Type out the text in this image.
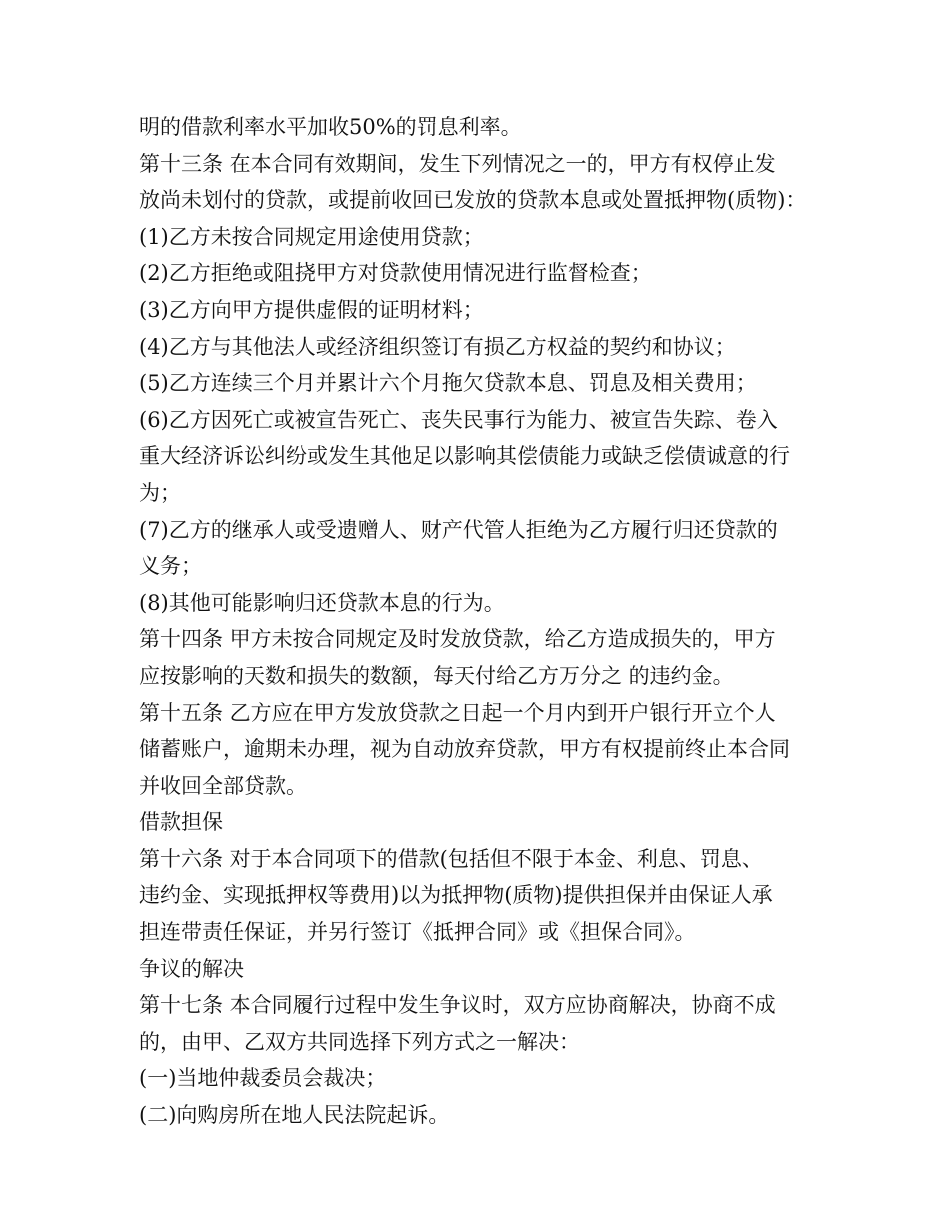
明的借款利率水平加收50%的罚息利率。
第十三条 在本合同有效期间，发生下列情况之一的，甲方有权停止发
放尚未划付的贷款，或提前收回已发放的贷款本息或处置抵押物(质物)：
(1)乙方未按合同规定用途使用贷款；
(2)乙方拒绝或阻挠甲方对贷款使用情况进行监督检查；
(3)乙方向甲方提供虚假的证明材料；
(4)乙方与其他法人或经济组织签订有损乙方权益的契约和协议；
(5)乙方连续三个月并累计六个月拖欠贷款本息、罚息及相关费用；
(6)乙方因死亡或被宣告死亡、丧失民事行为能力、被宣告失踪、卷入
重大经济诉讼纠纷或发生其他足以影响其偿债能力或缺乏偿债诚意的行
为；
(7)乙方的继承人或受遗赠人、财产代管人拒绝为乙方履行归还贷款的
义务；
(8)其他可能影响归还贷款本息的行为。
第十四条 甲方未按合同规定及时发放贷款，给乙方造成损失的，甲方
应按影响的天数和损失的数额，每天付给乙方万分之 的违约金。
第十五条 乙方应在甲方发放贷款之日起一个月内到开户银行开立个人
储蓄账户，逾期未办理，视为自动放弃贷款，甲方有权提前终止本合同
并收回全部贷款。
借款担保
第十六条 对于本合同项下的借款(包括但不限于本金、利息、罚息、
违约金、实现抵押权等费用)以为抵押物(质物)提供担保并由保证人承
担连带责任保证，并另行签订《抵押合同》或《担保合同》。
争议的解决
第十七条 本合同履行过程中发生争议时，双方应协商解决，协商不成
的，由甲、乙双方共同选择下列方式之一解决：
(一)当地仲裁委员会裁决；
(二)向购房所在地人民法院起诉。
